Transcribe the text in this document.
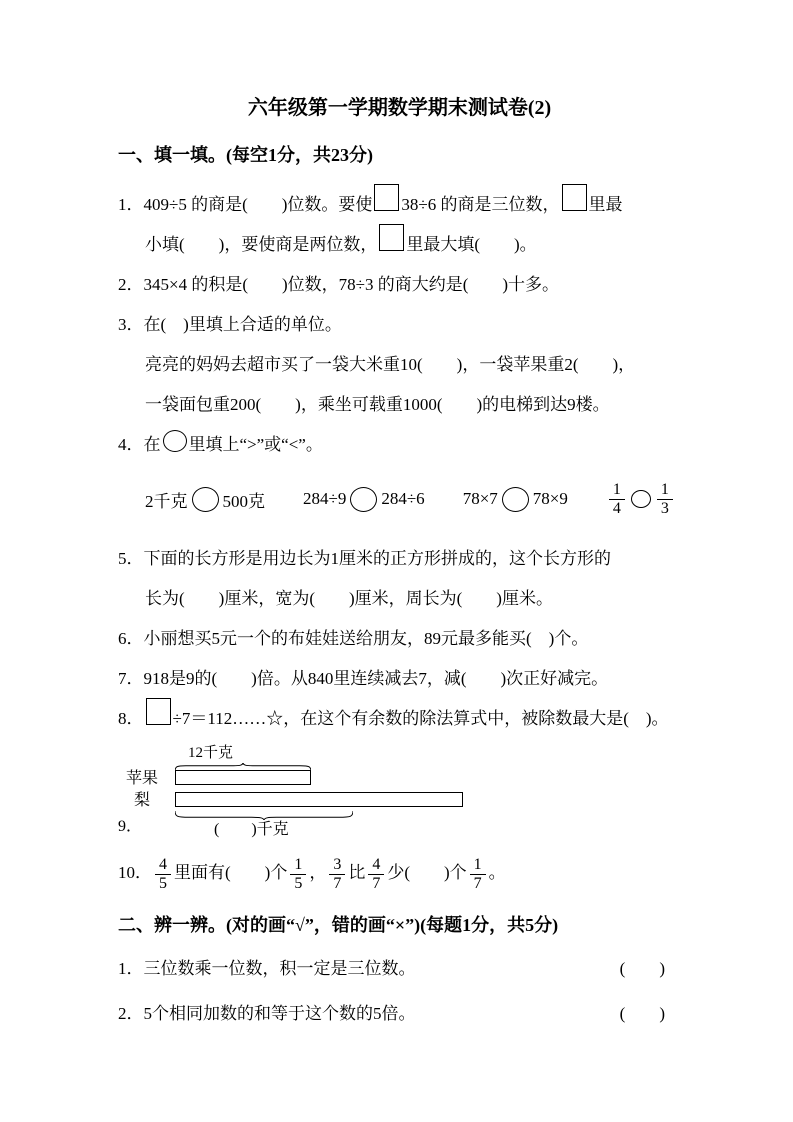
六年级第一学期数学期末测试卷(2)
一、填一填。(每空1分，共23分)
1．409÷5 的商是(　　)位数。要使 38÷6 的商是三位数， 里最
小填(　　)，要使商是两位数， 里最大填(　　)。
2．345×4 的积是(　　)位数，78÷3 的商大约是(　　)十多。
3．在(　)里填上合适的单位。
亮亮的妈妈去超市买了一袋大米重10(　　)，一袋苹果重2(　　)，
一袋面包重200(　　)，乘坐可载重1000(　　)的电梯到达9楼。
4．在 里填上“>”或“<”。
2千克 500克 284÷9 284÷6 78×7 78×9	$\frac{1}{4} \frac{1}{3}$
5．下面的长方形是用边长为1厘米的正方形拼成的，这个长方形的
长为(　　)厘米，宽为(　　)厘米，周长为(　　)厘米。
6．小丽想买5元一个的布娃娃送给朋友，89元最多能买(　)个。
7．918是9的(　　)倍。从840里连续减去7，减(　　)次正好减完。
8． ÷7＝112……☆，在这个有余数的除法算式中，被除数最大是(　)。
12千克
苹果
梨
9．	(　　)千克
10． $\frac{4}{5}$ 里面有(　　)个 $\frac{1}{5}$ ， $\frac{3}{7}$ 比 $\frac{4}{7}$ 少(　　)个 $\frac{1}{7}$ 。
二、辨一辨。(对的画“√”，错的画“×”)(每题1分，共5分)
1．三位数乘一位数，积一定是三位数。	(　　)
2．5个相同加数的和等于这个数的5倍。	(　　)
